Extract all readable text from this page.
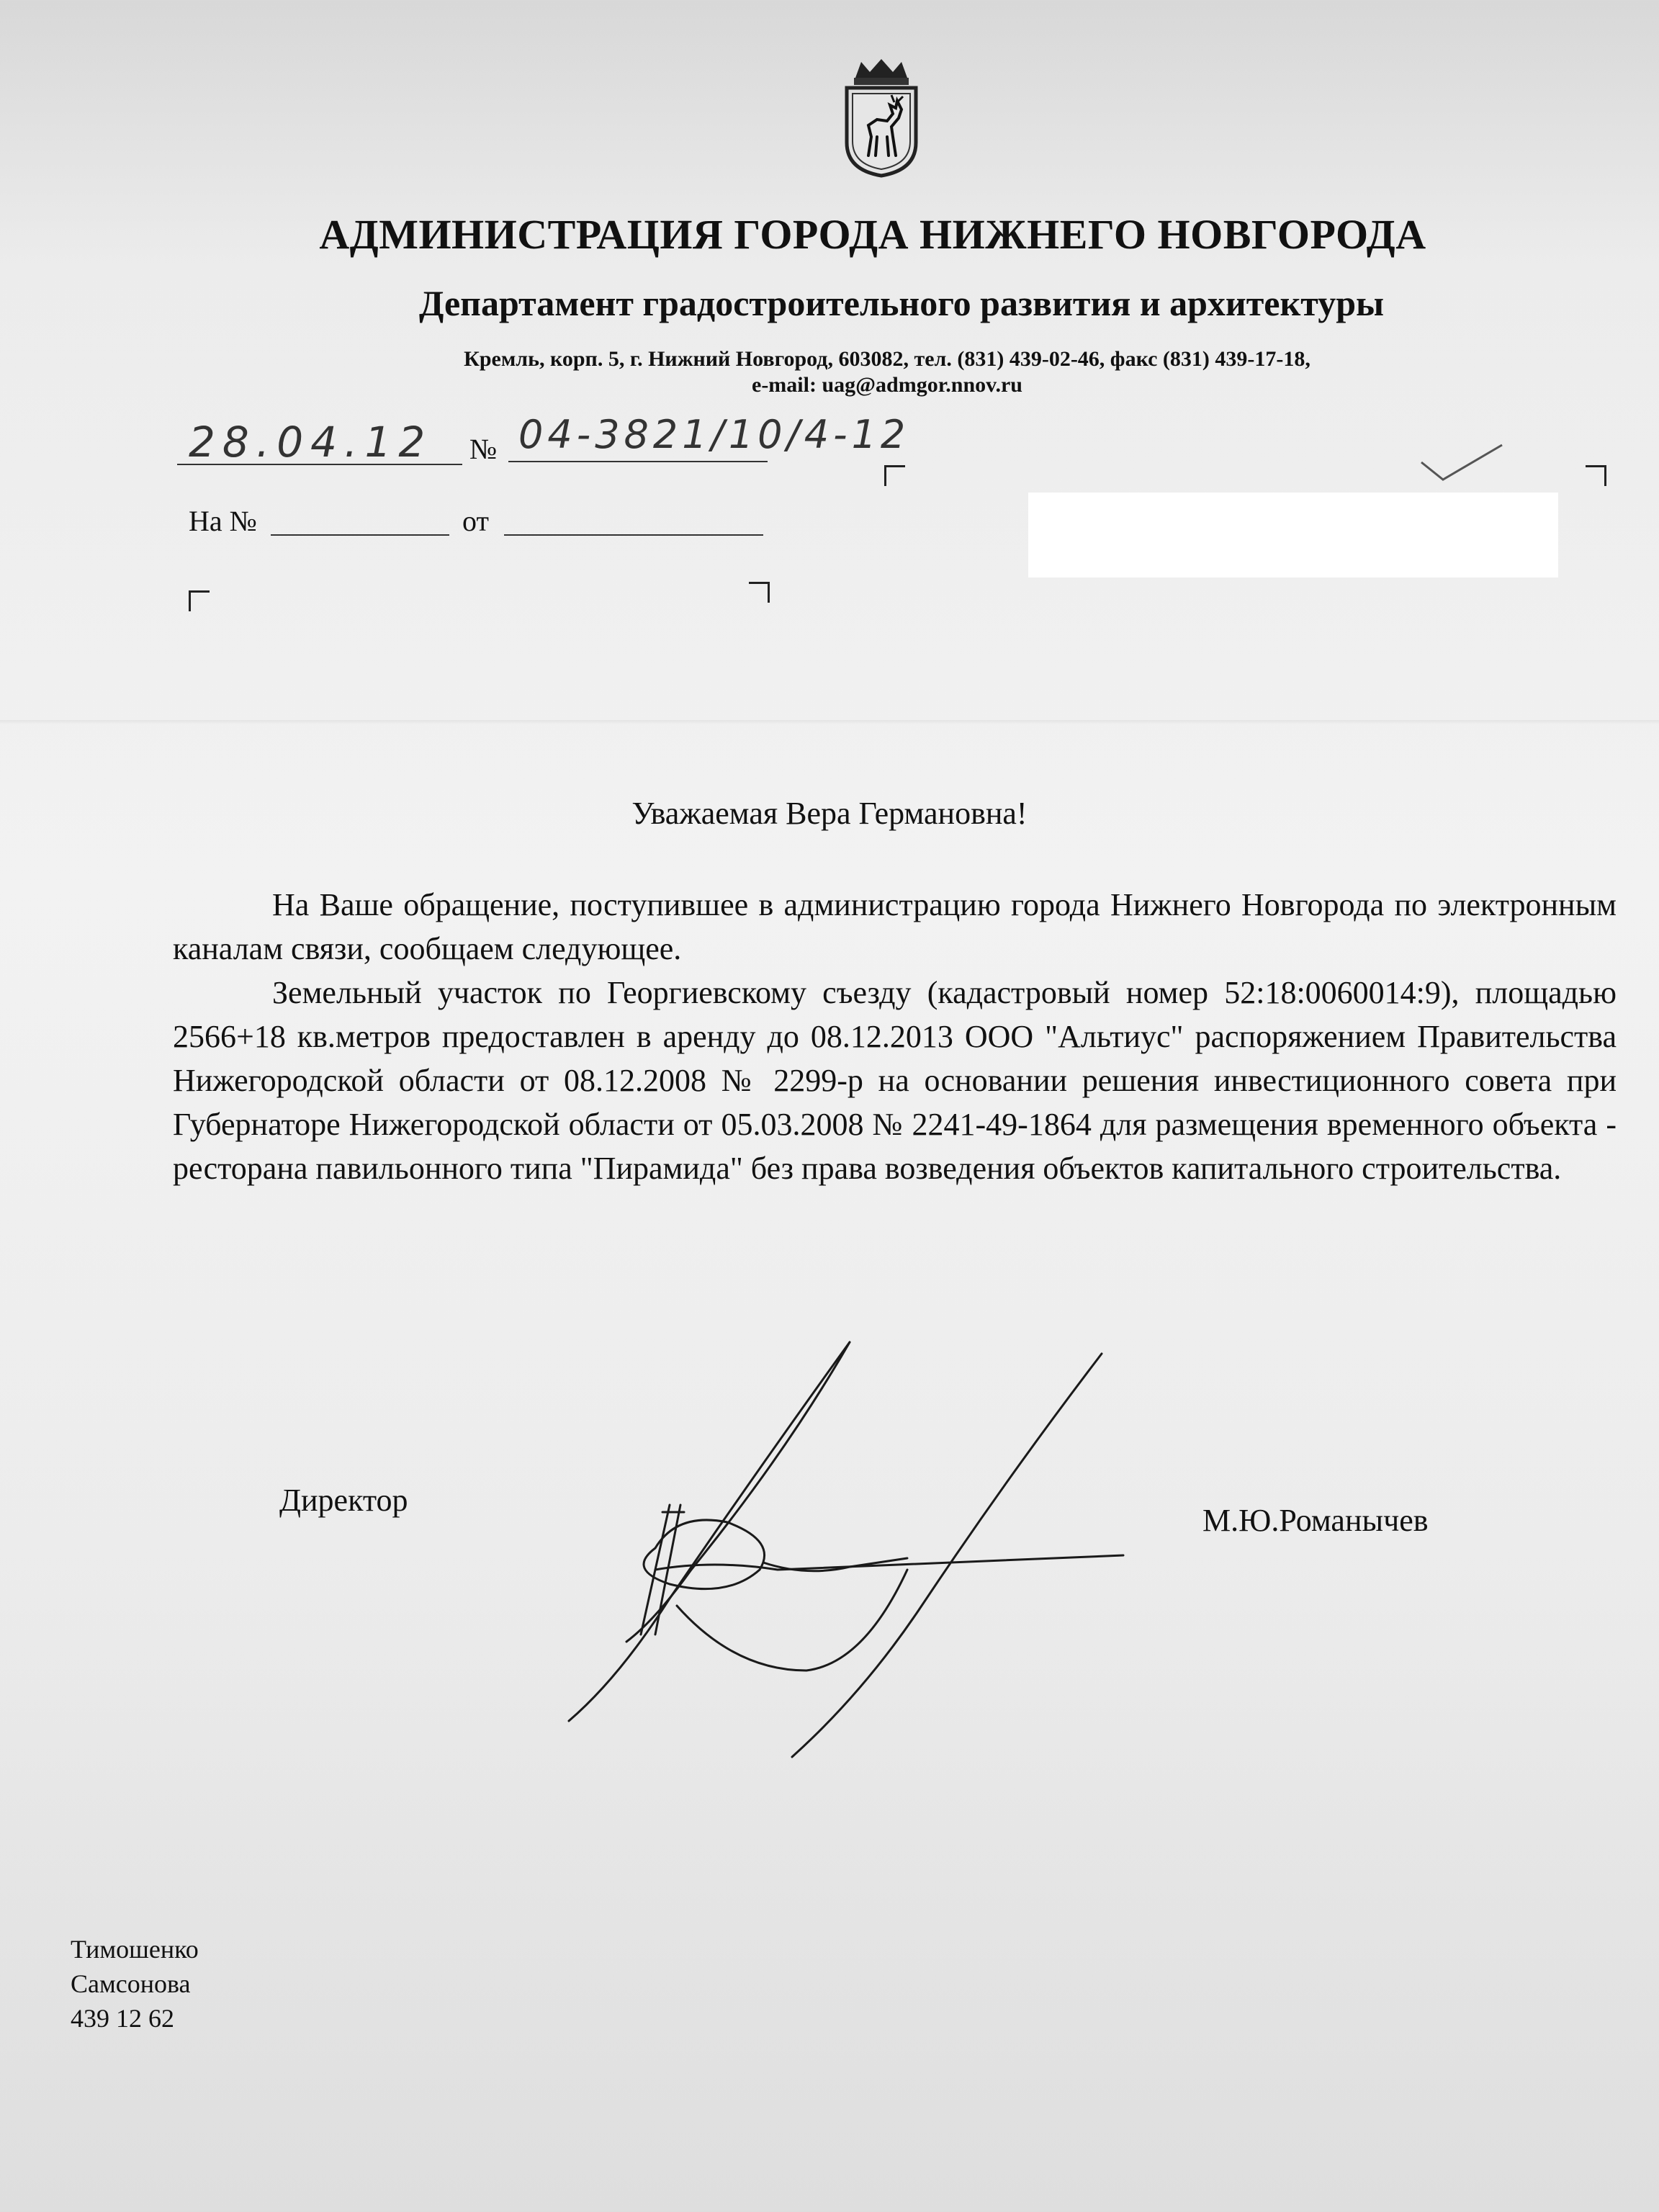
АДМИНИСТРАЦИЯ ГОРОДА НИЖНЕГО НОВГОРОДА
Департамент градостроительного развития и архитектуры
Кремль, корп. 5, г. Нижний Новгород, 603082, тел. (831) 439-02-46, факс (831) 439-17-18,
e-mail: uag@admgor.nnov.ru
28.04.12 № 04-3821/10/4-12
На №	от
Уважаемая Вера Германовна!

На Ваше обращение, поступившее в администрацию города Нижнего Новгорода по электронным каналам связи, сообщаем следующее.

Земельный участок по Георгиевскому съезду (кадастровый номер 52:18:0060014:9), площадью 2566+18 кв.метров предоставлен в аренду до 08.12.2013 ООО "Альтиус" распоряжением Правительства Нижегородской области от 08.12.2008 № 2299-р на основании решения инвестиционного совета при Губернаторе Нижегородской области от 05.03.2008 № 2241-49-1864 для размещения временного объекта - ресторана павильонного типа "Пирамида" без права возведения объектов капитального строительства.

Директор
М.Ю.Романычев
Тимошенко
Самсонова
439 12 62
